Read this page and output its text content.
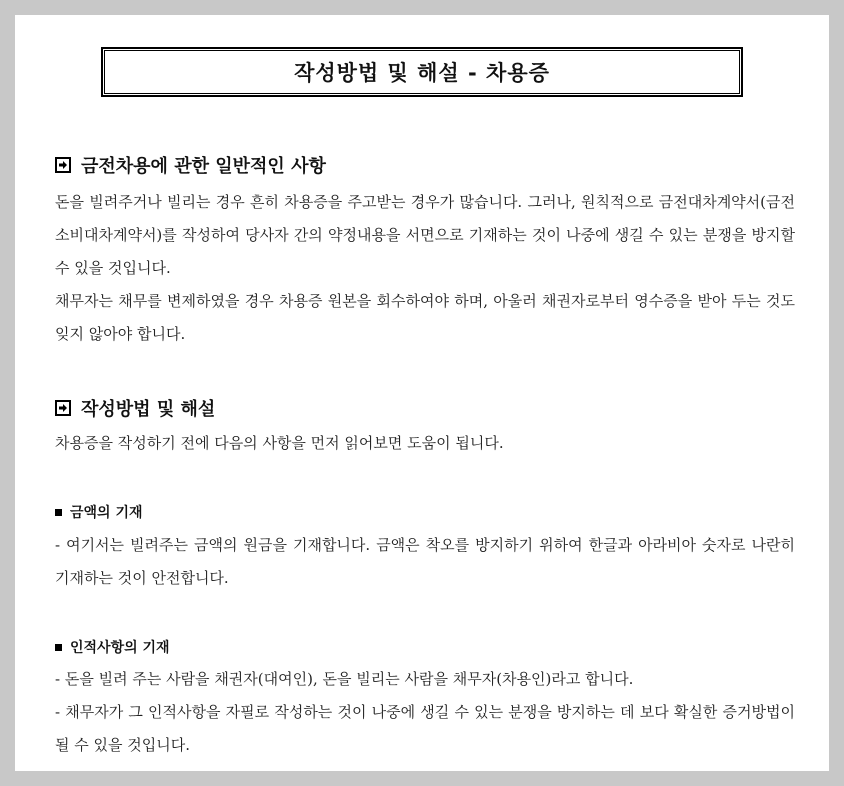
작성방법 및 해설 - 차용증
금전차용에 관한 일반적인 사항

돈을 빌려주거나 빌리는 경우 흔히 차용증을 주고받는 경우가 많습니다. 그러나, 원칙적으로 금전대차계약서(금전소비대차계약서)를 작성하여 당사자 간의 약정내용을 서면으로 기재하는 것이 나중에 생길 수 있는 분쟁을 방지할 수 있을 것입니다.

채무자는 채무를 변제하였을 경우 차용증 원본을 회수하여야 하며, 아울러 채권자로부터 영수증을 받아 두는 것도 잊지 않아야 합니다.

작성방법 및 해설

차용증을 작성하기 전에 다음의 사항을 먼저 읽어보면 도움이 됩니다.

금액의 기재

- 여기서는 빌려주는 금액의 원금을 기재합니다. 금액은 착오를 방지하기 위하여 한글과 아라비아 숫자로 나란히 기재하는 것이 안전합니다.

인적사항의 기재

- 돈을 빌려 주는 사람을 채권자(대여인), 돈을 빌리는 사람을 채무자(차용인)라고 합니다.

- 채무자가 그 인적사항을 자필로 작성하는 것이 나중에 생길 수 있는 분쟁을 방지하는 데 보다 확실한 증거방법이 될 수 있을 것입니다.
